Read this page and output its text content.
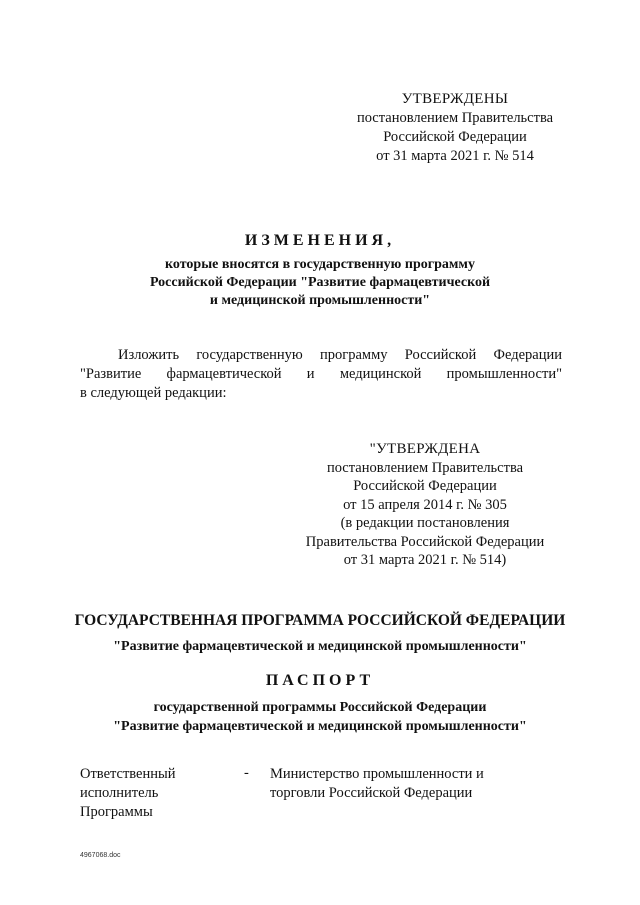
УТВЕРЖДЕНЫ
постановлением Правительства
Российской Федерации
от 31 марта 2021 г. № 514
ИЗМЕНЕНИЯ,
которые вносятся в государственную программу
Российской Федерации "Развитие фармацевтической
и медицинской промышленности"
Изложить государственную программу Российской Федерации
"Развитие фармацевтической и медицинской промышленности"
в следующей редакции:
"УТВЕРЖДЕНА
постановлением Правительства
Российской Федерации
от 15 апреля 2014 г. № 305
(в редакции постановления
Правительства Российской Федерации
от 31 марта 2021 г. № 514)
ГОСУДАРСТВЕННАЯ ПРОГРАММА РОССИЙСКОЙ ФЕДЕРАЦИИ
"Развитие фармацевтической и медицинской промышленности"
ПАСПОРТ
государственной программы Российской Федерации
"Развитие фармацевтической и медицинской промышленности"
Ответственный
исполнитель
Программы
- Министерство промышленности и
торговли Российской Федерации
4967068.doc
